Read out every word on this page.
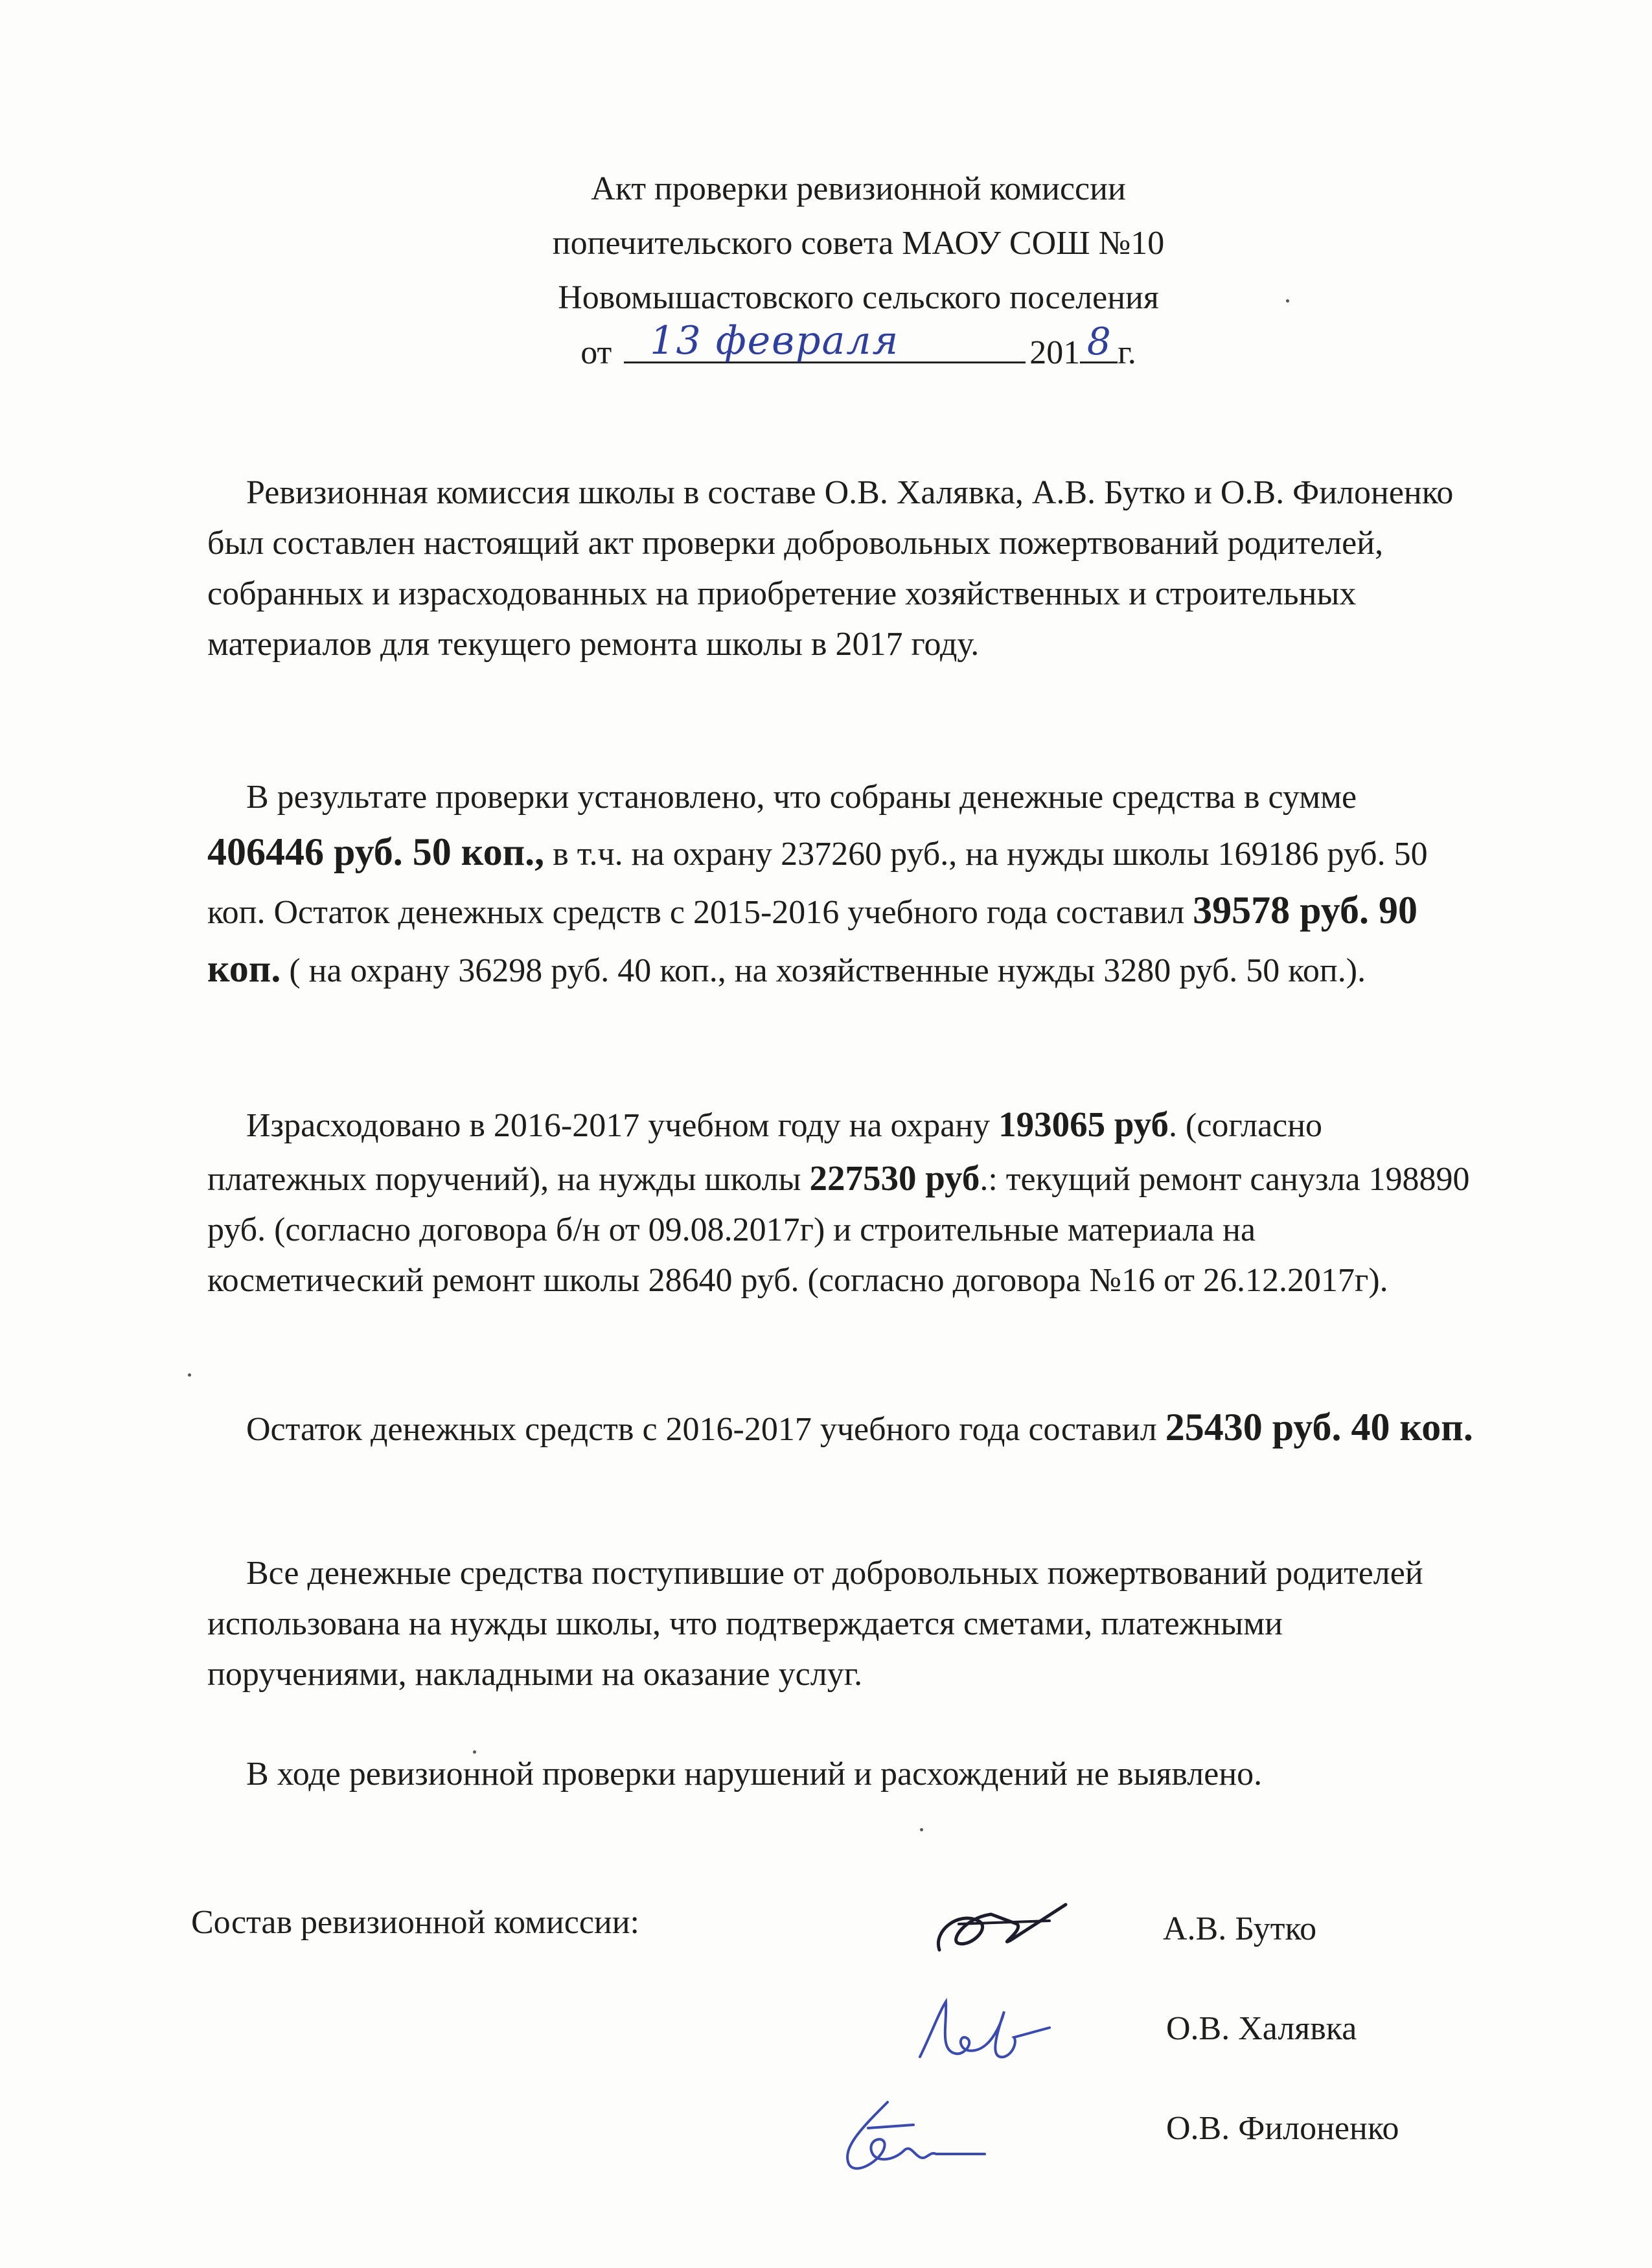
Акт проверки ревизионной комиссии
попечительского совета МАОУ СОШ №10
Новомышастовского сельского поселения
от 13 февраля	201 8 г.

Ревизионная комиссия школы в составе О.В. Халявка, А.В. Бутко и О.В. Филоненко был составлен настоящий акт проверки добровольных пожертвований родителей, собранных и израсходованных на приобретение хозяйственных и строительных материалов для текущего ремонта школы в 2017 году.

В результате проверки установлено, что собраны денежные средства в сумме 406446 руб. 50 коп., в т.ч. на охрану 237260 руб., на нужды школы 169186 руб. 50 коп. Остаток денежных средств с 2015-2016 учебного года составил 39578 руб. 90 коп. ( на охрану 36298 руб. 40 коп., на хозяйственные нужды 3280 руб. 50 коп.).

Израсходовано в 2016-2017 учебном году на охрану 193065 руб. (согласно платежных поручений), на нужды школы 227530 руб.: текущий ремонт санузла 198890 руб. (согласно договора б/н от 09.08.2017г) и строительные материала на косметический ремонт школы 28640 руб. (согласно договора №16 от 26.12.2017г).

Остаток денежных средств с 2016-2017 учебного года составил 25430 руб. 40 коп.

Все денежные средства поступившие от добровольных пожертвований родителей использована на нужды школы, что подтверждается сметами, платежными поручениями, накладными на оказание услуг.

В ходе ревизионной проверки нарушений и расхождений не выявлено.

Состав ревизионной комиссии:	А.В. Бутко
О.В. Халявка
О.В. Филоненко
